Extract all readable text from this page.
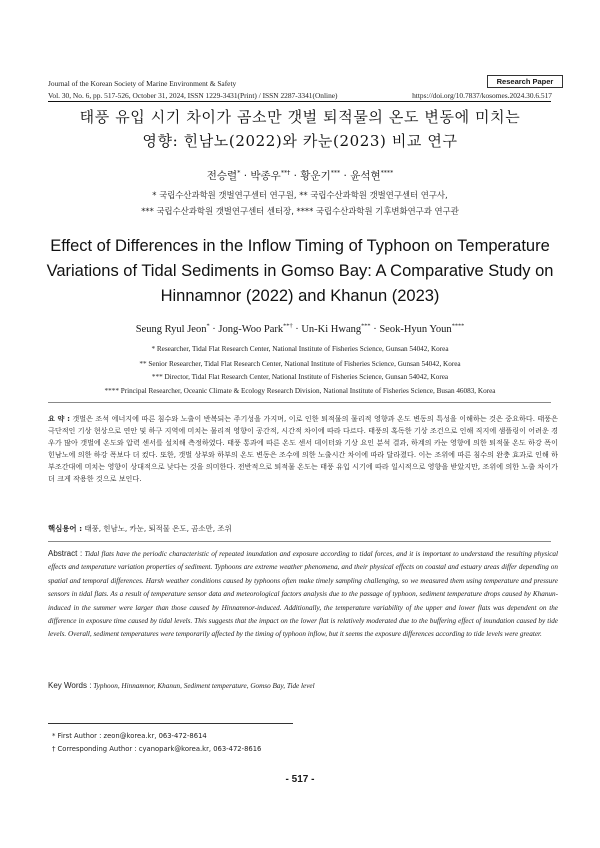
Journal of the Korean Society of Marine Environment & Safety	Research Paper
Vol. 30, No. 6, pp. 517-526, October 31, 2024, ISSN 1229-3431(Print) / ISSN 2287-3341(Online)	https://doi.org/10.7837/kosomes.2024.30.6.517
태풍 유입 시기 차이가 곰소만 갯벌 퇴적물의 온도 변동에 미치는
영향: 힌남노(2022)와 카눈(2023) 비교 연구
전승렬* · 박종우**† · 황운기*** · 윤석현****
* 국립수산과학원 갯벌연구센터 연구원, ** 국립수산과학원 갯벌연구센터 연구사,
*** 국립수산과학원 갯벌연구센터 센터장, **** 국립수산과학원 기후변화연구과 연구관
Effect of Differences in the Inflow Timing of Typhoon on Temperature
Variations of Tidal Sediments in Gomso Bay: A Comparative Study on
Hinnamnor (2022) and Khanun (2023)
Seung Ryul Jeon* · Jong-Woo Park**† · Un-Ki Hwang*** · Seok-Hyun Youn****
* Researcher, Tidal Flat Research Center, National Institute of Fisheries Science, Gunsan 54042, Korea
** Senior Researcher, Tidal Flat Research Center, National Institute of Fisheries Science, Gunsan 54042, Korea
*** Director, Tidal Flat Research Center, National Institute of Fisheries Science, Gunsan 54042, Korea
**** Principal Researcher, Oceanic Climate & Ecology Research Division, National Institute of Fisheries Science, Busan 46083, Korea
요 약 : 갯벌은 조석 에너지에 따른 침수와 노출이 반복되는 주기성을 가지며, 이로 인한 퇴적물의 물리적 영향과 온도 변동의 특성을 이해하는 것은 중요하다. 태풍은 극단적인 기상 현상으로 연안 및 하구 지역에 미치는 물리적 영향이 공간적, 시간적 차이에 따라 다르다. 태풍의 혹독한 기상 조건으로 인해 직지에 샘플링이 어려운 경우가 많아 갯벌에 온도와 압력 센서를 설치해 측정하였다. 태풍 통과에 따른 온도 센서 데이터와 기상 요인 분석 결과, 하계의 카눈 영향에 의한 퇴적물 온도 하강 폭이 힌남노에 의한 하강 폭보다 더 컸다. 또한, 갯벌 상부와 하부의 온도 변동은 조수에 의한 노출시간 차이에 따라 달라졌다. 이는 조위에 따른 침수의 완충 효과로 인해 하부조간대에 미치는 영향이 상대적으로 낮다는 것을 의미한다. 전반적으로 퇴적물 온도는 태풍 유입 시기에 따라 일시적으로 영향을 받았지만, 조위에 의한 노출 차이가 더 크게 작용한 것으로 보인다.
핵심용어 : 태풍, 힌남노, 카눈, 퇴적물 온도, 곰소만, 조위
Abstract : Tidal flats have the periodic characteristic of repeated inundation and exposure according to tidal forces, and it is important to understand the resulting physical effects and temperature variation properties of sediment. Typhoons are extreme weather phenomena, and their physical effects on coastal and estuary areas differ depending on spatial and temporal differences. Harsh weather conditions caused by typhoons often make timely sampling challenging, so we measured them using temperature and pressure sensors in tidal flats. As a result of temperature sensor data and meteorological factors analysis due to the passage of typhoon, sediment temperature drops caused by Khanun-induced in the summer were larger than those caused by Hinnamnor-induced. Additionally, the temperature variability of the upper and lower flats was dependent on the difference in exposure time caused by tidal levels. This suggests that the impact on the lower flat is relatively moderated due to the buffering effect of inundation caused by tide levels. Overall, sediment temperatures were temporarily affected by the timing of typhoon inflow, but it seems the exposure differences according to tide levels were greater.
Key Words : Typhoon, Hinnamnor, Khanun, Sediment temperature, Gomso Bay, Tide level
* First Author : zeon@korea.kr, 063-472-8614
† Corresponding Author : cyanopark@korea.kr, 063-472-8616
- 517 -
